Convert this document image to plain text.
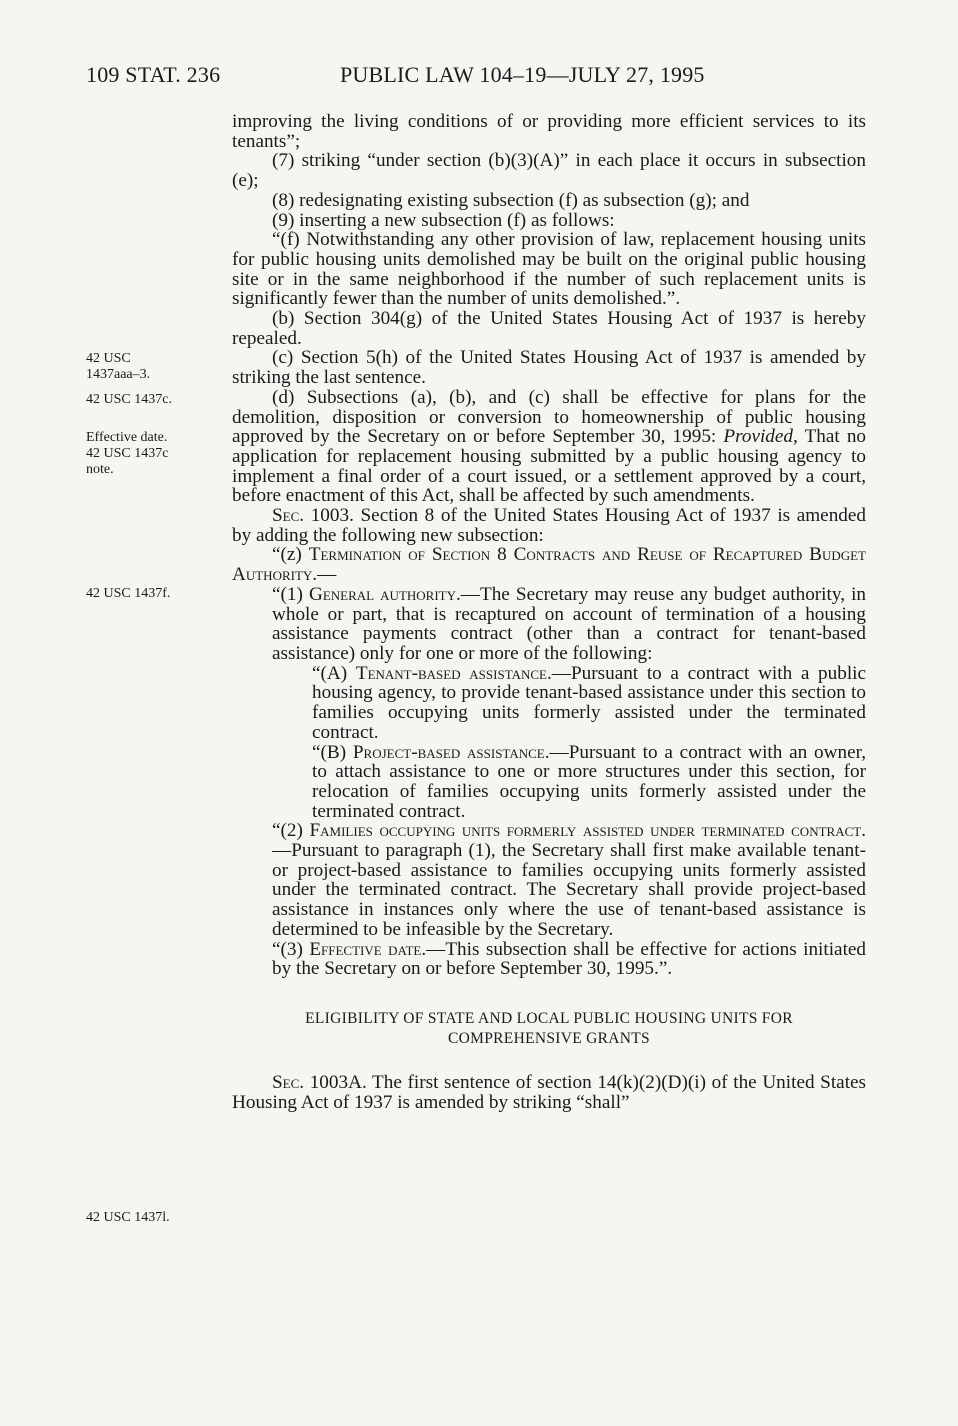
109 STAT. 236	PUBLIC LAW 104–19—JULY 27, 1995
42 USC
1437aaa–3.
42 USC 1437c.
Effective date.
42 USC 1437c
note.
42 USC 1437f.
42 USC 1437l.

improving the living conditions of or providing more efficient services to its tenants”;

(7) striking “under section (b)(3)(A)” in each place it occurs in subsection (e);

(8) redesignating existing subsection (f) as subsection (g); and

(9) inserting a new subsection (f) as follows:

“(f) Notwithstanding any other provision of law, replacement housing units for public housing units demolished may be built on the original public housing site or in the same neighborhood if the number of such replacement units is significantly fewer than the number of units demolished.”.

(b) Section 304(g) of the United States Housing Act of 1937 is hereby repealed.

(c) Section 5(h) of the United States Housing Act of 1937 is amended by striking the last sentence.

(d) Subsections (a), (b), and (c) shall be effective for plans for the demolition, disposition or conversion to homeownership of public housing approved by the Secretary on or before September 30, 1995: Provided, That no application for replacement housing submitted by a public housing agency to implement a final order of a court issued, or a settlement approved by a court, before enactment of this Act, shall be affected by such amendments.

Sec. 1003. Section 8 of the United States Housing Act of 1937 is amended by adding the following new subsection:

“(z) Termination of Section 8 Contracts and Reuse of Recaptured Budget Authority.—

“(1) General authority.—The Secretary may reuse any budget authority, in whole or part, that is recaptured on account of termination of a housing assistance payments contract (other than a contract for tenant-based assistance) only for one or more of the following:

“(A) Tenant-based assistance.—Pursuant to a contract with a public housing agency, to provide tenant-based assistance under this section to families occupying units formerly assisted under the terminated contract.

“(B) Project-based assistance.—Pursuant to a contract with an owner, to attach assistance to one or more structures under this section, for relocation of families occupying units formerly assisted under the terminated contract.

“(2) Families occupying units formerly assisted under terminated contract.—Pursuant to paragraph (1), the Secretary shall first make available tenant- or project-based assistance to families occupying units formerly assisted under the terminated contract. The Secretary shall provide project-based assistance in instances only where the use of tenant-based assistance is determined to be infeasible by the Secretary.

“(3) Effective date.—This subsection shall be effective for actions initiated by the Secretary on or before September 30, 1995.”.

ELIGIBILITY OF STATE AND LOCAL PUBLIC HOUSING UNITS FOR
COMPREHENSIVE GRANTS

Sec. 1003A. The first sentence of section 14(k)(2)(D)(i) of the United States Housing Act of 1937 is amended by striking “shall”
